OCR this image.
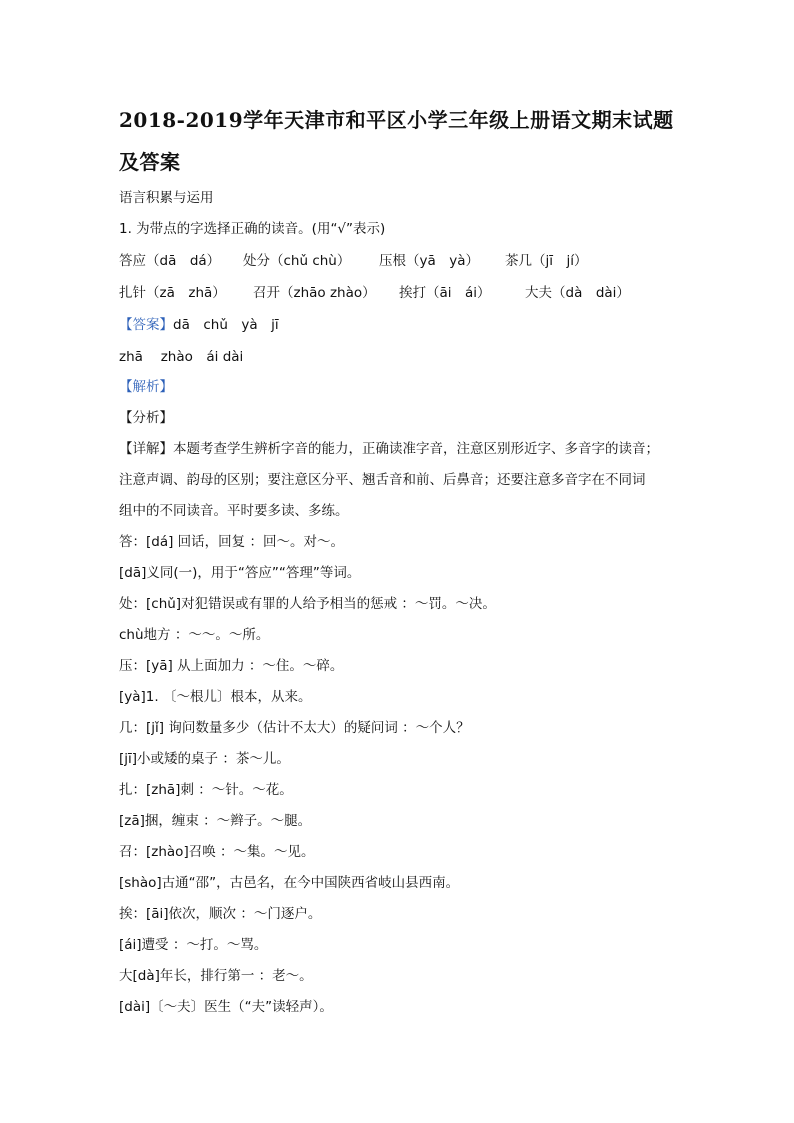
2018-2019学年天津市和平区小学三年级上册语文期末试题
及答案
语言积累与运用
1. 为带点的字选择正确的读音。(用“√”表示)
答应（dā　dá） 处分（chǔ chù） 压根（yā　yà） 茶几（jī　jí）
扎针（zā　zhā） 召开（zhāo zhào） 挨打（āi　ái）	大夫（dà　dài）
【答案】dā　chǔ　yà　jī
zhā　 zhào　ái dài
【解析】
【分析】
【详解】本题考查学生辨析字音的能力，正确读准字音，注意区别形近字、多音字的读音；
注意声调、韵母的区别；要注意区分平、翘舌音和前、后鼻音；还要注意多音字在不同词
组中的不同读音。平时要多读、多练。
答：[dá] 回话，回复 ：回～。对～。
[dā]义同(一)，用于“答应”“答理”等词。
处：[chǔ]对犯错误或有罪的人给予相当的惩戒 ：～罚。～决。
chù地方 ：～～。～所。
压：[yā] 从上面加力 ：～住。～碎。
[yà]1. 〔～根儿〕根本，从来。
几：[jǐ] 询问数量多少（估计不太大）的疑问词 ：～个人？
[jī]小或矮的桌子 ：茶～儿。
扎：[zhā]刺 ：～针。～花。
[zā]捆，缠束 ：～辫子。～腿。
召：[zhào]召唤 ：～集。～见。
[shào]古通“邵”，古邑名，在今中国陕西省岐山县西南。
挨：[āi]依次，顺次 ：～门逐户。
[ái]遭受 ：～打。～骂。
大[dà]年长，排行第一 ：老～。
[dài]〔～夫〕医生（“夫”读轻声）。
